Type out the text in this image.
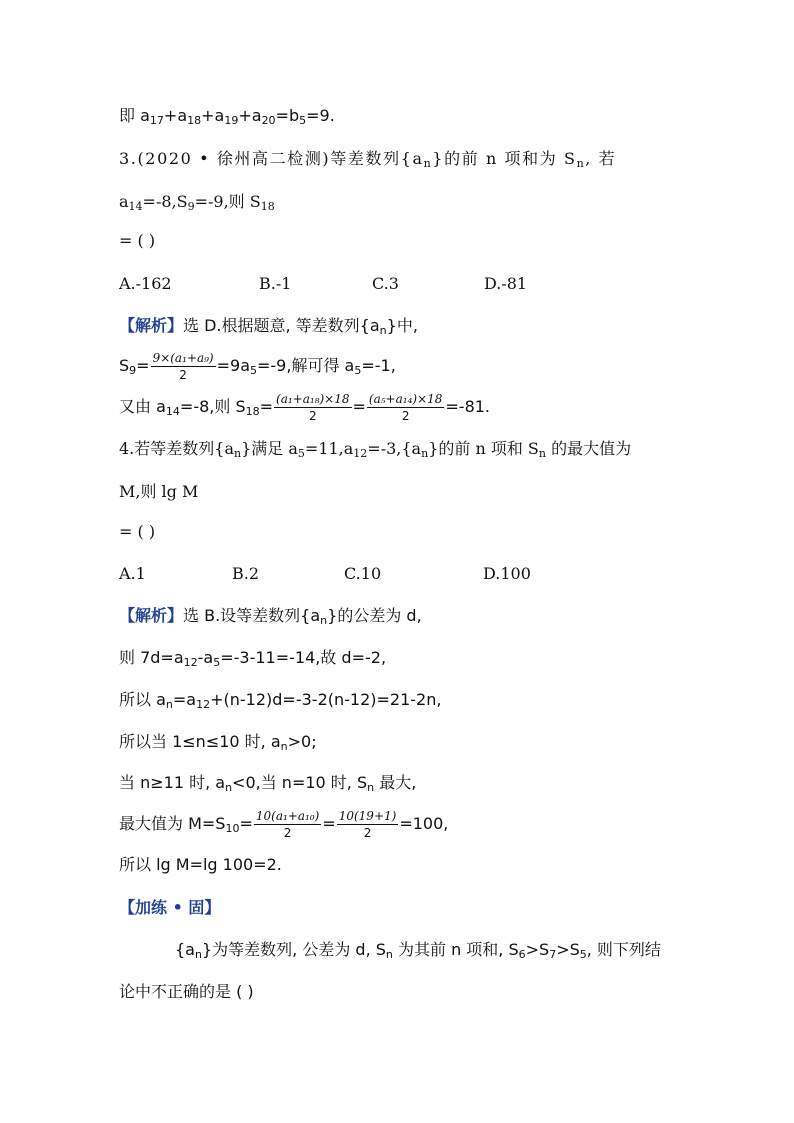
即 $a_{17}+a_{18}+a_{19}+a_{20}=b_5=9$.
3.(2020 • 徐州高二检测)等差数列$\{a_n\}$的前 n 项和为 $S_n$, 若
$a_{14}=-8,S_9=-9$,则 $S_{18}$
= ( )
A.-162	B.-1	C.3	D.-81
【解析】选 D.根据题意, 等差数列$\{a_n\}$中,
$S_9= \frac{\text{9×(a₁+a₉)}}{2} =9a_5=-9$,解可得 $a_5=-1$,
又由 $a_{14}=-8$,则 $S_{18}= \frac{\text{(a₁+a₁₈)×18}}{2} = \frac{\text{(a₅+a₁₄)×18}}{2} =-81$.
4.若等差数列$\{a_n\}$满足 $a_5=11,a_{12}=-3,\{a_n\}$的前 n 项和 $S_n$ 的最大值为
M,则 lg M
= ( )
A.1	B.2	C.10	D.100
【解析】选 B.设等差数列$\{a_n\}$的公差为 d,
则 $7d=a_{12}-a_5=-3-11=-14$,故 d=-2,
所以 $a_n=a_{12}+(n-12)d=-3-2(n-12)=21-2n$,
所以当 1≤n≤10 时, $a_n>0$;
当 n≥11 时, $a_n<0$,当 n=10 时, $S_n$ 最大,
最大值为 $M=S_{10}= \frac{\text{10(a₁+a₁₀)}}{2} = \frac{10(19+1)}{2} =100$,
所以 lg M=lg 100=2.
【加练 • 固】
$\{a_n\}$为等差数列, 公差为 d, $S_n$ 为其前 n 项和, $S_6>S_7>S_5$, 则下列结
论中不正确的是 ( )
